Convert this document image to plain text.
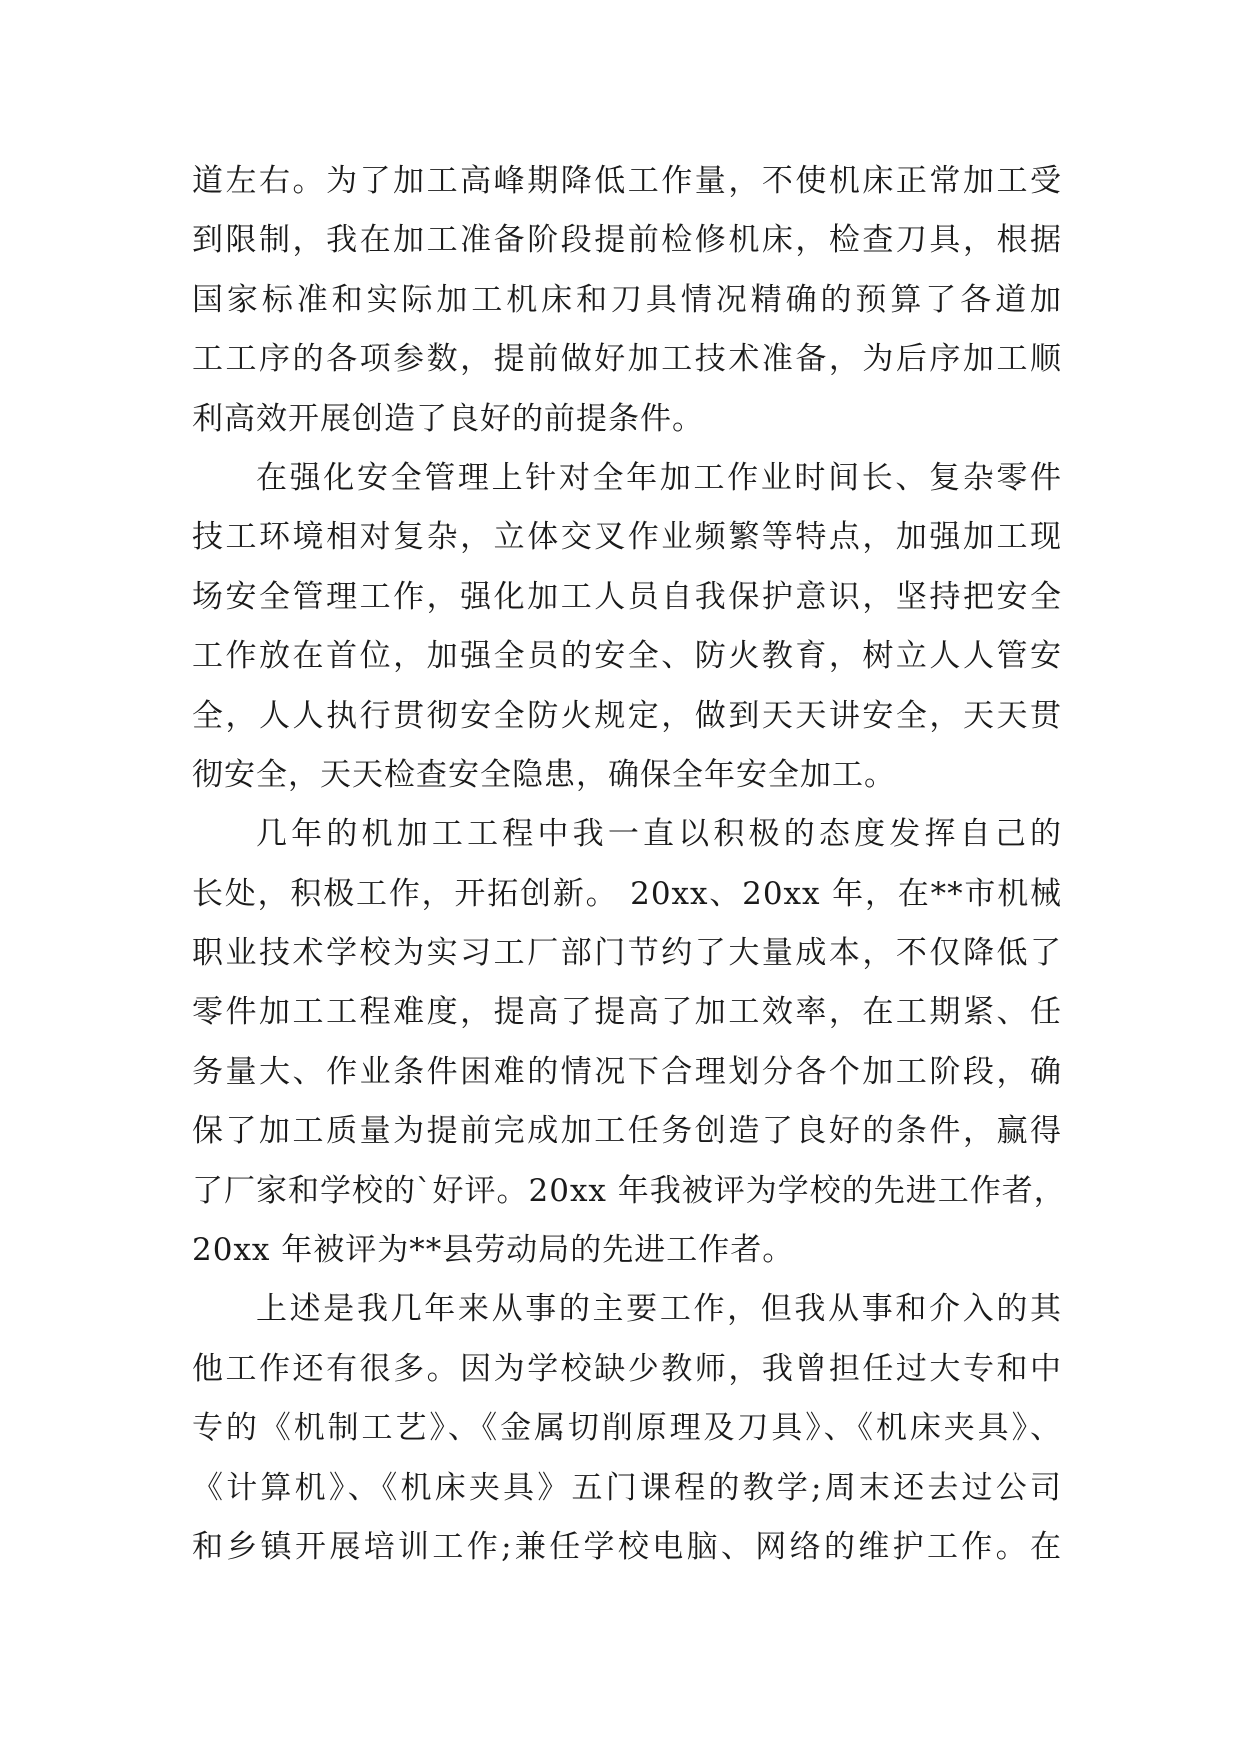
道左右。为了加工高峰期降低工作量，不使机床正常加工受
到限制，我在加工准备阶段提前检修机床，检查刀具，根据
国家标准和实际加工机床和刀具情况精确的预算了各道加
工工序的各项参数，提前做好加工技术准备，为后序加工顺
利高效开展创造了良好的前提条件。
在强化安全管理上针对全年加工作业时间长、复杂零件
技工环境相对复杂，立体交叉作业频繁等特点，加强加工现
场安全管理工作，强化加工人员自我保护意识，坚持把安全
工作放在首位，加强全员的安全、防火教育，树立人人管安
全，人人执行贯彻安全防火规定，做到天天讲安全，天天贯
彻安全，天天检查安全隐患，确保全年安全加工。
几年的机加工工程中我一直以积极的态度发挥自己的
长处，积极工作，开拓创新。 20xx、20xx 年，在**市机械
职业技术学校为实习工厂部门节约了大量成本，不仅降低了
零件加工工程难度，提高了提高了加工效率，在工期紧、任
务量大、作业条件困难的情况下合理划分各个加工阶段，确
保了加工质量为提前完成加工任务创造了良好的条件，赢得
了厂家和学校的`好评。20xx 年我被评为学校的先进工作者，
20xx 年被评为**县劳动局的先进工作者。
上述是我几年来从事的主要工作，但我从事和介入的其
他工作还有很多。因为学校缺少教师，我曾担任过大专和中
专的《机制工艺》、《金属切削原理及刀具》、《机床夹具》、
《计算机》、《机床夹具》五门课程的教学;周末还去过公司
和乡镇开展培训工作;兼任学校电脑、网络的维护工作。在
